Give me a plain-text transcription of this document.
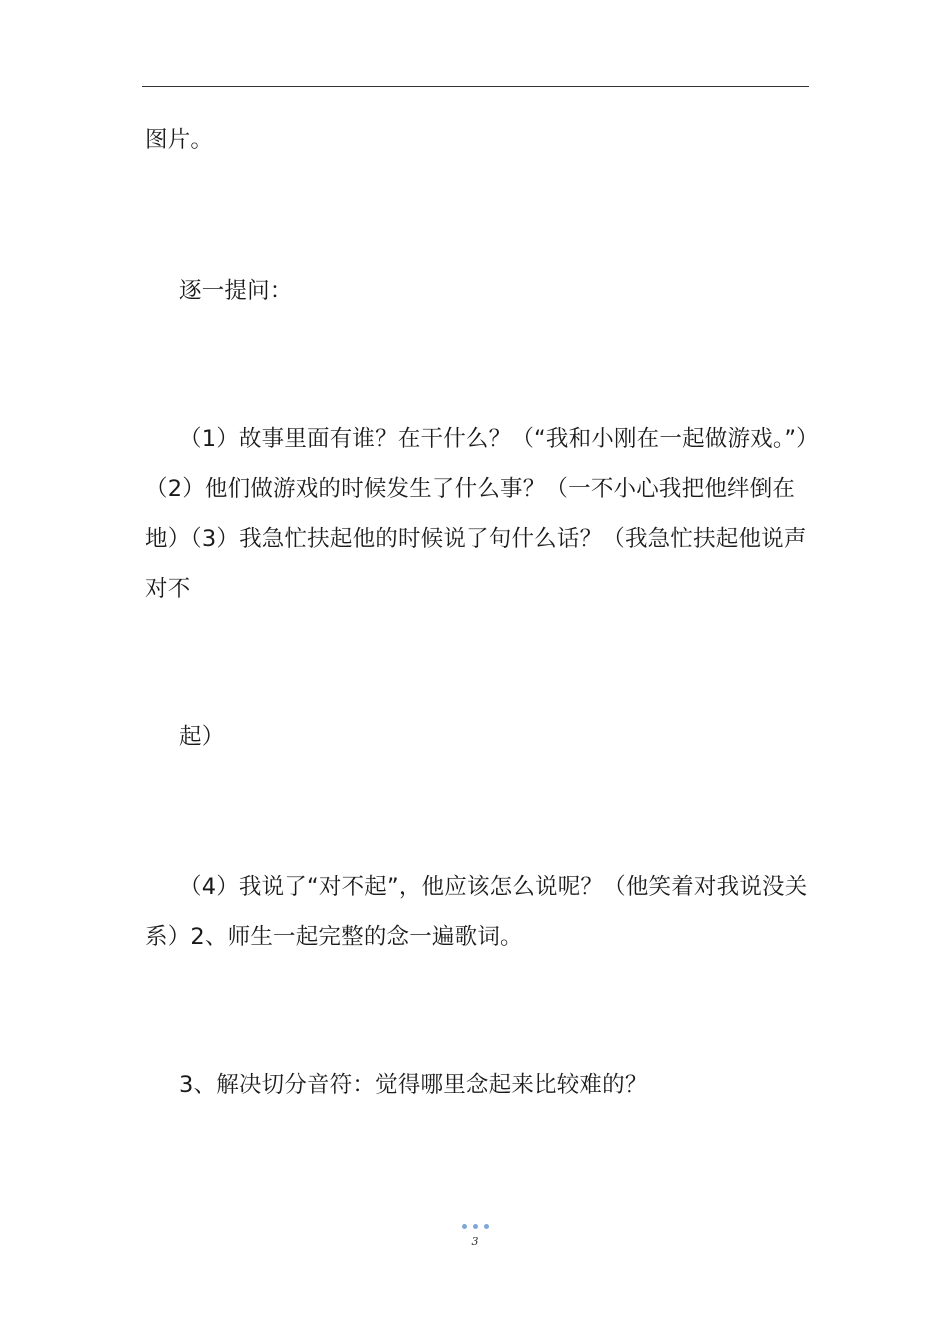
图片。

逐一提问：

（1）故事里面有谁？在干什么？（“我和小刚在一起做游戏。”）（2）他们做游戏的时候发生了什么事？（一不小心我把他绊倒在地）（3）我急忙扶起他的时候说了句什么话？（我急忙扶起他说声对不

起）

（4）我说了“对不起”，他应该怎么说呢？（他笑着对我说没关系）2、师生一起完整的念一遍歌词。

3、解决切分音符：觉得哪里念起来比较难的？

3
